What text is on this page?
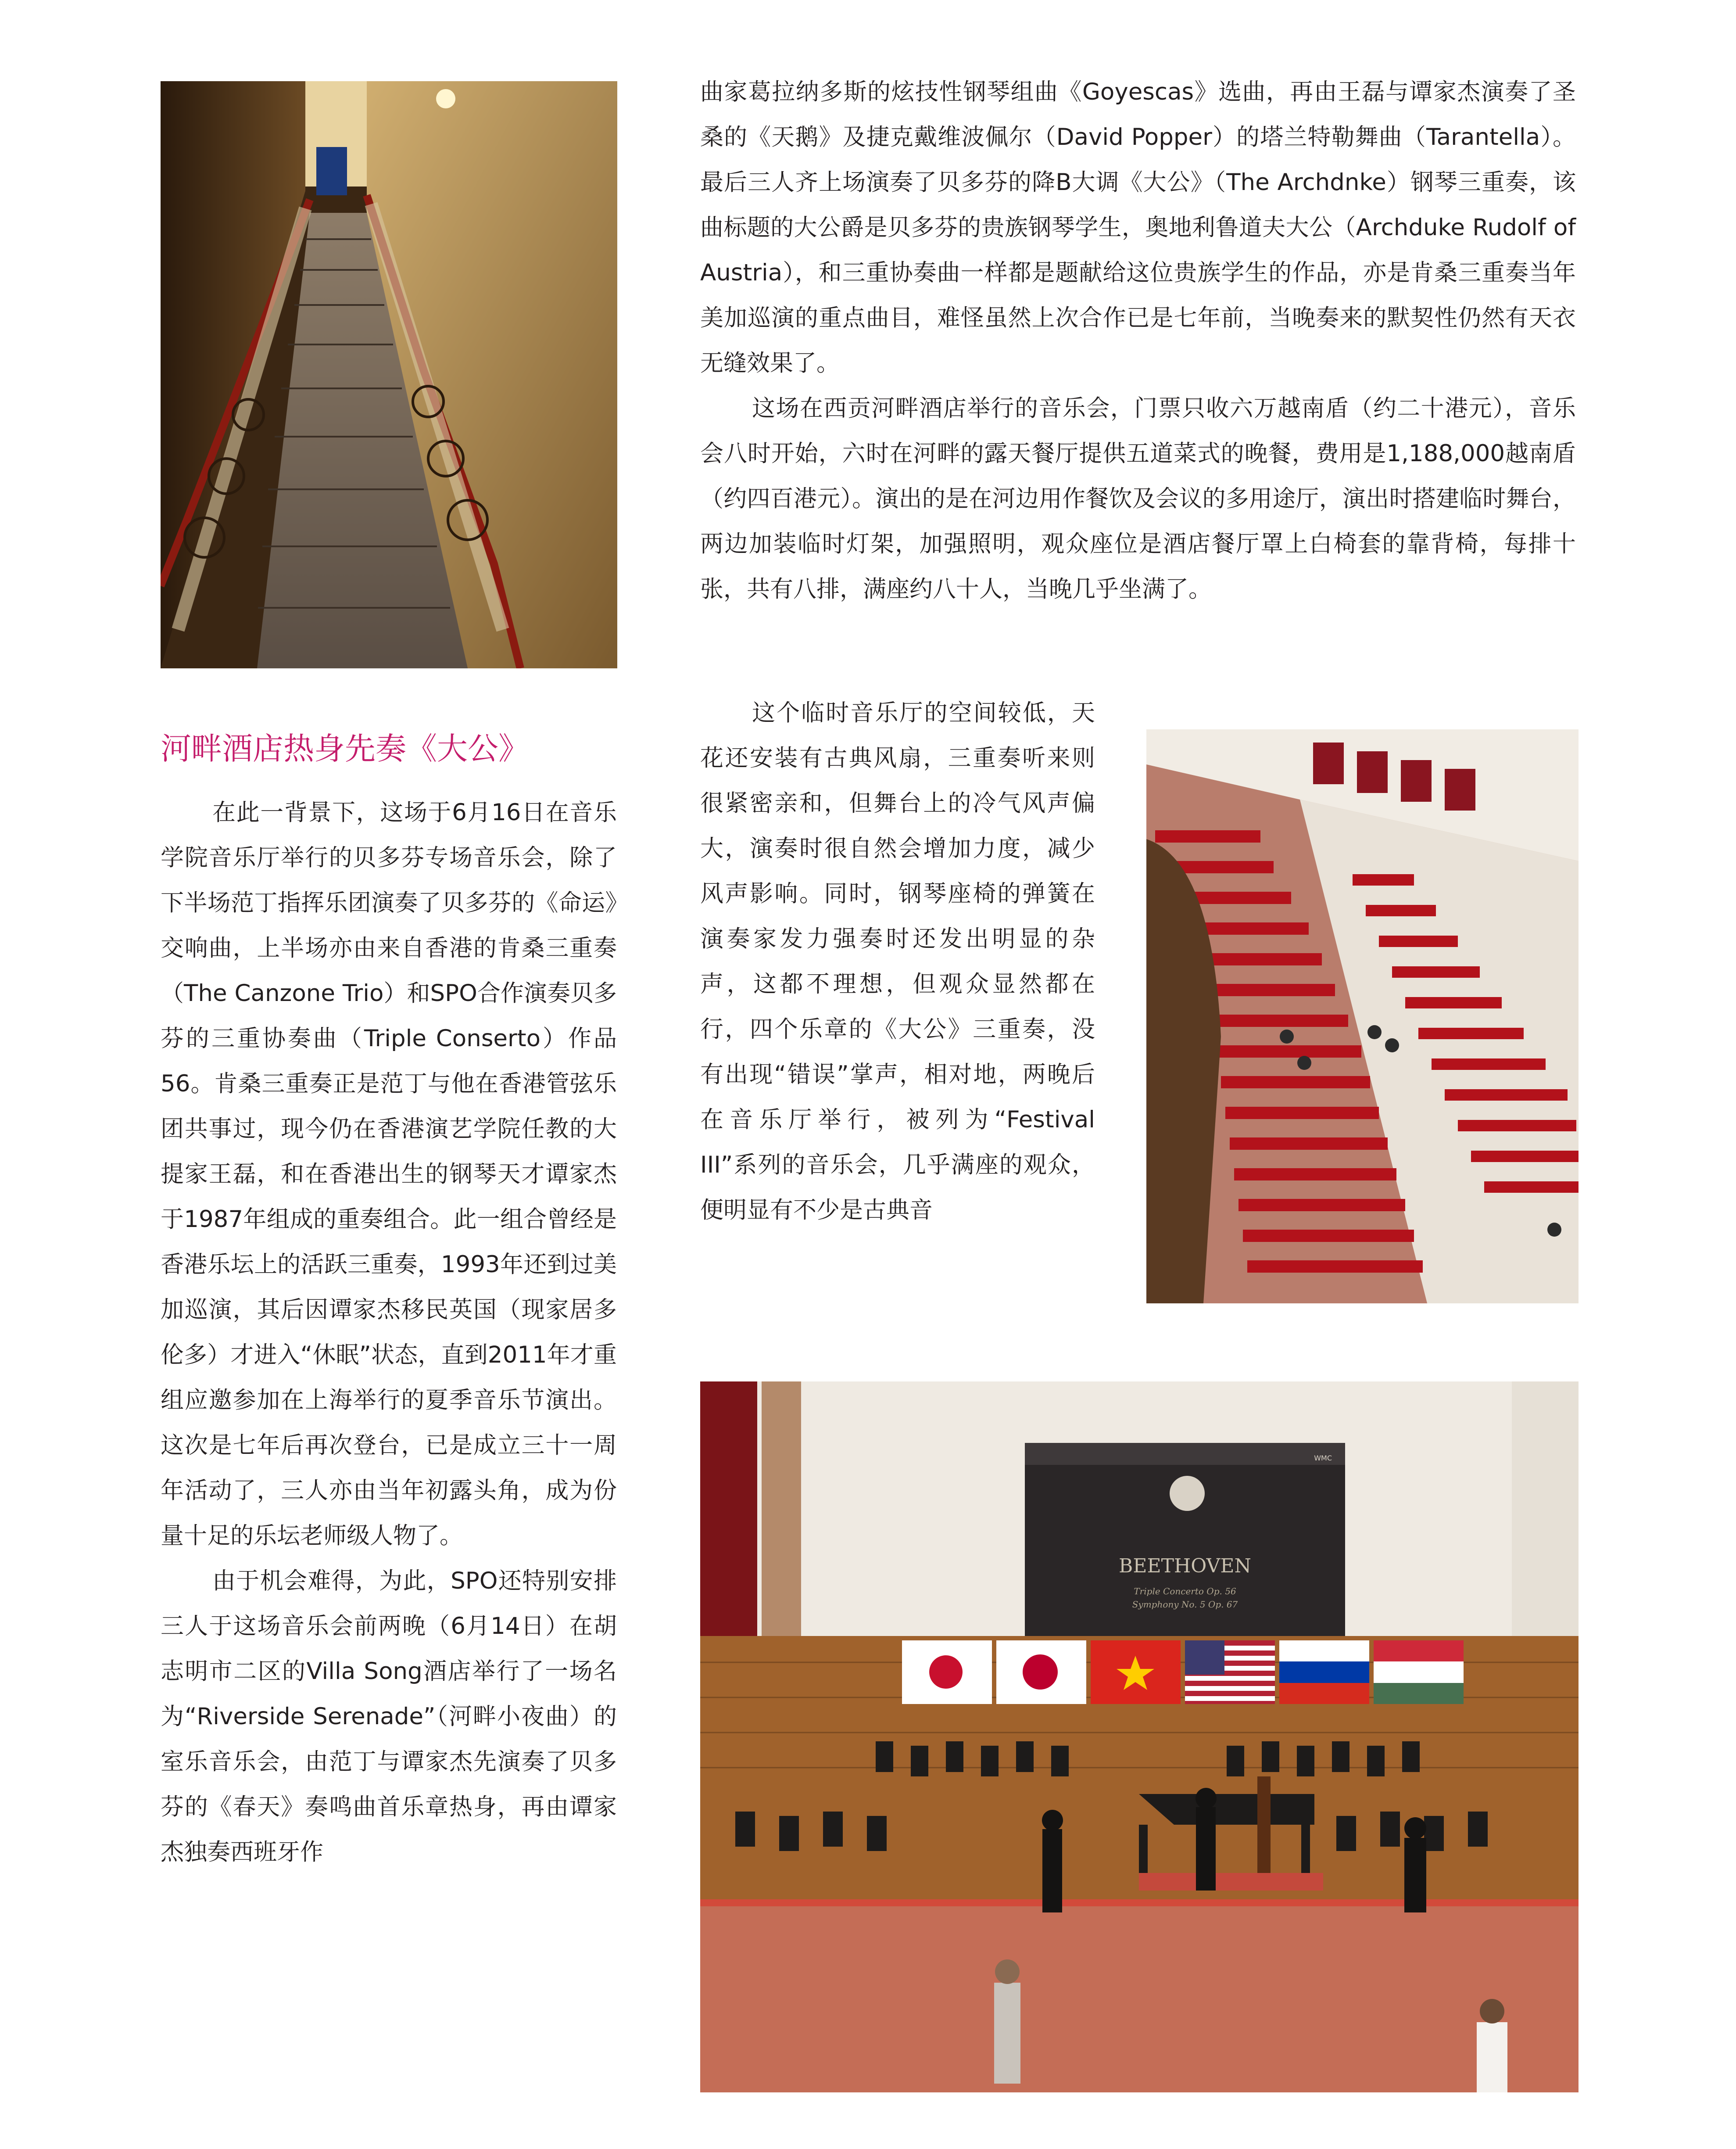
BEETHOVEN
Triple Concerto Op. 56
Symphony No. 5 Op. 67
WMC

曲家葛拉纳多斯的炫技性钢琴组曲《Goyescas》选曲，再由王磊与谭家杰演奏了圣桑的《天鹅》及捷克戴维波佩尔（David Popper）的塔兰特勒舞曲（Tarantella）。最后三人齐上场演奏了贝多芬的降B大调《大公》（The Archdnke）钢琴三重奏，该曲标题的大公爵是贝多芬的贵族钢琴学生，奥地利鲁道夫大公（Archduke Rudolf of Austria），和三重协奏曲一样都是题献给这位贵族学生的作品，亦是肯桑三重奏当年美加巡演的重点曲目，难怪虽然上次合作已是七年前，当晚奏来的默契性仍然有天衣无缝效果了。

这场在西贡河畔酒店举行的音乐会，门票只收六万越南盾（约二十港元），音乐会八时开始，六时在河畔的露天餐厅提供五道菜式的晚餐，费用是1,188,000越南盾（约四百港元）。演出的是在河边用作餐饮及会议的多用途厅，演出时搭建临时舞台，两边加装临时灯架，加强照明，观众座位是酒店餐厅罩上白椅套的靠背椅，每排十张，共有八排，满座约八十人，当晚几乎坐满了。

这个临时音乐厅的空间较低，天花还安装有古典风扇，三重奏听来则很紧密亲和，但舞台上的冷气风声偏大，演奏时很自然会增加力度，减少风声影响。同时，钢琴座椅的弹簧在演奏家发力强奏时还发出明显的杂声，这都不理想，但观众显然都在行，四个乐章的《大公》三重奏，没有出现“错误”掌声，相对地，两晚后在音乐厅举行，被列为“Festival III”系列的音乐会，几乎满座的观众，便明显有不少是古典音

河畔酒店热身先奏《大公》

在此一背景下，这场于6月16日在音乐学院音乐厅举行的贝多芬专场音乐会，除了下半场范丁指挥乐团演奏了贝多芬的《命运》交响曲，上半场亦由来自香港的肯桑三重奏（The Canzone Trio）和SPO合作演奏贝多芬的三重协奏曲（Triple Conserto）作品56。肯桑三重奏正是范丁与他在香港管弦乐团共事过，现今仍在香港演艺学院任教的大提家王磊，和在香港出生的钢琴天才谭家杰于1987年组成的重奏组合。此一组合曾经是香港乐坛上的活跃三重奏，1993年还到过美加巡演，其后因谭家杰移民英国（现家居多伦多）才进入“休眠”状态，直到2011年才重组应邀参加在上海举行的夏季音乐节演出。这次是七年后再次登台，已是成立三十一周年活动了，三人亦由当年初露头角，成为份量十足的乐坛老师级人物了。

由于机会难得，为此，SPO还特别安排三人于这场音乐会前两晚（6月14日）在胡志明市二区的Villa Song酒店举行了一场名为“Riverside Serenade”（河畔小夜曲）的室乐音乐会，由范丁与谭家杰先演奏了贝多芬的《春天》奏鸣曲首乐章热身，再由谭家杰独奏西班牙作
